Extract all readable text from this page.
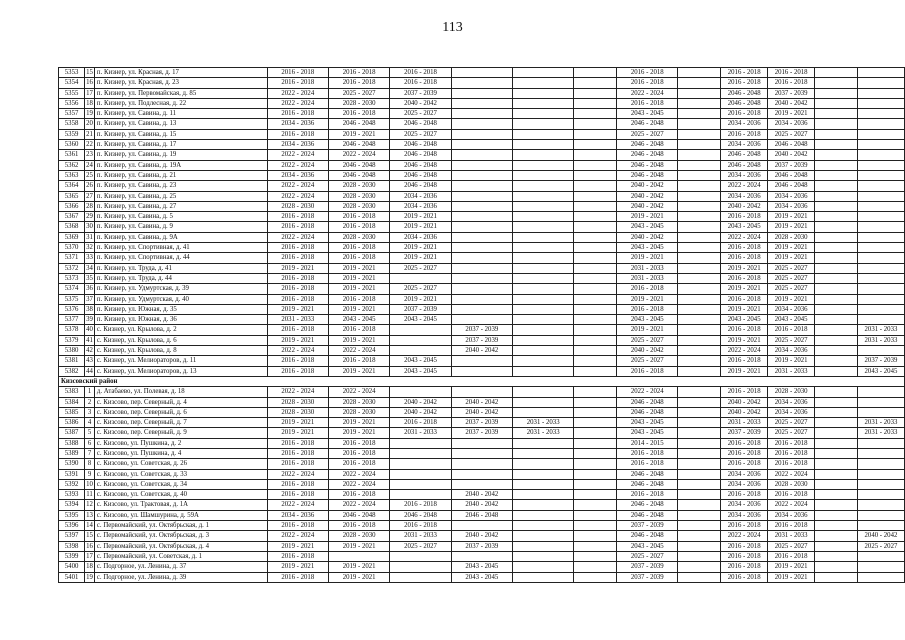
113
5353	15	п. Кизнер, ул. Красная, д. 17	2016 - 2018	2016 - 2018	2016 - 2018				2016 - 2018		2016 - 2018	2016 - 2018		
5354	16	п. Кизнер, ул. Красная, д. 23	2016 - 2018	2016 - 2018	2016 - 2018				2016 - 2018		2016 - 2018	2016 - 2018		
5355	17	п. Кизнер, ул. Первомайская, д. 85	2022 - 2024	2025 - 2027	2037 - 2039				2022 - 2024		2046 - 2048	2037 - 2039		
5356	18	п. Кизнер, ул. Подлесная, д. 22	2022 - 2024	2028 - 2030	2040 - 2042				2016 - 2018		2046 - 2048	2040 - 2042		
5357	19	п. Кизнер, ул. Савина, д. 11	2016 - 2018	2016 - 2018	2025 - 2027				2043 - 2045		2016 - 2018	2019 - 2021		
5358	20	п. Кизнер, ул. Савина, д. 13	2034 - 2036	2046 - 2048	2046 - 2048				2046 - 2048		2034 - 2036	2034 - 2036		
5359	21	п. Кизнер, ул. Савина, д. 15	2016 - 2018	2019 - 2021	2025 - 2027				2025 - 2027		2016 - 2018	2025 - 2027		
5360	22	п. Кизнер, ул. Савина, д. 17	2034 - 2036	2046 - 2048	2046 - 2048				2046 - 2048		2034 - 2036	2046 - 2048		
5361	23	п. Кизнер, ул. Савина, д. 19	2022 - 2024	2022 - 2024	2046 - 2048				2046 - 2048		2046 - 2048	2040 - 2042		
5362	24	п. Кизнер, ул. Савина, д. 19А	2022 - 2024	2046 - 2048	2046 - 2048				2046 - 2048		2046 - 2048	2037 - 2039		
5363	25	п. Кизнер, ул. Савина, д. 21	2034 - 2036	2046 - 2048	2046 - 2048				2046 - 2048		2034 - 2036	2046 - 2048		
5364	26	п. Кизнер, ул. Савина, д. 23	2022 - 2024	2028 - 2030	2046 - 2048				2040 - 2042		2022 - 2024	2046 - 2048		
5365	27	п. Кизнер, ул. Савина, д. 25	2022 - 2024	2028 - 2030	2034 - 2036				2040 - 2042		2034 - 2036	2034 - 2036		
5366	28	п. Кизнер, ул. Савина, д. 27	2028 - 2030	2028 - 2030	2034 - 2036				2040 - 2042		2040 - 2042	2034 - 2036		
5367	29	п. Кизнер, ул. Савина, д. 5	2016 - 2018	2016 - 2018	2019 - 2021				2019 - 2021		2016 - 2018	2019 - 2021		
5368	30	п. Кизнер, ул. Савина, д. 9	2016 - 2018	2016 - 2018	2019 - 2021				2043 - 2045		2043 - 2045	2019 - 2021		
5369	31	п. Кизнер, ул. Савина, д. 9А	2022 - 2024	2028 - 2030	2034 - 2036				2040 - 2042		2022 - 2024	2028 - 2030		
5370	32	п. Кизнер, ул. Спортивная, д. 41	2016 - 2018	2016 - 2018	2019 - 2021				2043 - 2045		2016 - 2018	2019 - 2021		
5371	33	п. Кизнер, ул. Спортивная, д. 44	2016 - 2018	2016 - 2018	2019 - 2021				2019 - 2021		2016 - 2018	2019 - 2021		
5372	34	п. Кизнер, ул. Труда, д. 41	2019 - 2021	2019 - 2021	2025 - 2027				2031 - 2033		2019 - 2021	2025 - 2027		
5373	35	п. Кизнер, ул. Труда, д. 44	2016 - 2018	2019 - 2021					2031 - 2033		2016 - 2018	2025 - 2027		
5374	36	п. Кизнер, ул. Удмуртская, д. 39	2016 - 2018	2019 - 2021	2025 - 2027				2016 - 2018		2019 - 2021	2025 - 2027		
5375	37	п. Кизнер, ул. Удмуртская, д. 40	2016 - 2018	2016 - 2018	2019 - 2021				2019 - 2021		2016 - 2018	2019 - 2021		
5376	38	п. Кизнер, ул. Южная, д. 35	2019 - 2021	2019 - 2021	2037 - 2039				2016 - 2018		2019 - 2021	2034 - 2036		
5377	39	п. Кизнер, ул. Южная, д. 36	2031 - 2033	2043 - 2045	2043 - 2045				2043 - 2045		2043 - 2045	2043 - 2045		
5378	40	с. Кизнер, ул. Крылова, д. 2	2016 - 2018	2016 - 2018		2037 - 2039			2019 - 2021		2016 - 2018	2016 - 2018		2031 - 2033
5379	41	с. Кизнер, ул. Крылова, д. 6	2019 - 2021	2019 - 2021		2037 - 2039			2025 - 2027		2019 - 2021	2025 - 2027		2031 - 2033
5380	42	с. Кизнер, ул. Крылова, д. 8	2022 - 2024	2022 - 2024		2040 - 2042			2040 - 2042		2022 - 2024	2034 - 2036		
5381	43	с. Кизнер, ул. Мелиораторов, д. 11	2016 - 2018	2016 - 2018	2043 - 2045				2025 - 2027		2016 - 2018	2019 - 2021		2037 - 2039
5382	44	с. Кизнер, ул. Мелиораторов, д. 13	2016 - 2018	2019 - 2021	2043 - 2045				2016 - 2018		2019 - 2021	2031 - 2033		2043 - 2045
Кизсовский район														
5383	1	д. Атабаево, ул. Полевая, д. 18	2022 - 2024	2022 - 2024					2022 - 2024		2016 - 2018	2028 - 2030		
5384	2	с. Кизсово, пер. Северный, д. 4	2028 - 2030	2028 - 2030	2040 - 2042	2040 - 2042			2046 - 2048		2040 - 2042	2034 - 2036		
5385	3	с. Кизсово, пер. Северный, д. 6	2028 - 2030	2028 - 2030	2040 - 2042	2040 - 2042			2046 - 2048		2040 - 2042	2034 - 2036		
5386	4	с. Кизсово, пер. Северный, д. 7	2019 - 2021	2019 - 2021	2016 - 2018	2037 - 2039	2031 - 2033		2043 - 2045		2031 - 2033	2025 - 2027		2031 - 2033
5387	5	с. Кизсово, пер. Северный, д. 9	2019 - 2021	2019 - 2021	2031 - 2033	2037 - 2039	2031 - 2033		2043 - 2045		2037 - 2039	2025 - 2027		2031 - 2033
5388	6	с. Кизсово, ул. Пушкина, д. 2	2016 - 2018	2016 - 2018					2014 - 2015		2016 - 2018	2016 - 2018		
5389	7	с. Кизсово, ул. Пушкина, д. 4	2016 - 2018	2016 - 2018					2016 - 2018		2016 - 2018	2016 - 2018		
5390	8	с. Кизсово, ул. Советская, д. 26	2016 - 2018	2016 - 2018					2016 - 2018		2016 - 2018	2016 - 2018		
5391	9	с. Кизсово, ул. Советская, д. 33	2022 - 2024	2022 - 2024					2046 - 2048		2034 - 2036	2022 - 2024		
5392	10	с. Кизсово, ул. Советская, д. 34	2016 - 2018	2022 - 2024					2046 - 2048		2034 - 2036	2028 - 2030		
5393	11	с. Кизсово, ул. Советская, д. 40	2016 - 2018	2016 - 2018		2040 - 2042			2016 - 2018		2016 - 2018	2016 - 2018		
5394	12	с. Кизсово, ул. Трактовая, д. 1А	2022 - 2024	2022 - 2024	2016 - 2018	2040 - 2042			2046 - 2048		2034 - 2036	2022 - 2024		
5395	13	с. Кизсово, ул. Шамшурина, д. 59А	2034 - 2036	2046 - 2048	2046 - 2048	2046 - 2048			2046 - 2048		2034 - 2036	2034 - 2036		
5396	14	с. Первомайский, ул. Октябрьская, д. 1	2016 - 2018	2016 - 2018	2016 - 2018				2037 - 2039		2016 - 2018	2016 - 2018		
5397	15	с. Первомайский, ул. Октябрьская, д. 3	2022 - 2024	2028 - 2030	2031 - 2033	2040 - 2042			2046 - 2048		2022 - 2024	2031 - 2033		2040 - 2042
5398	16	с. Первомайский, ул. Октябрьская, д. 4	2019 - 2021	2019 - 2021	2025 - 2027	2037 - 2039			2043 - 2045		2016 - 2018	2025 - 2027		2025 - 2027
5399	17	с. Первомайский, ул. Советская, д. 1	2016 - 2018						2025 - 2027		2016 - 2018	2016 - 2018		
5400	18	с. Подгорное, ул. Ленина, д. 37	2019 - 2021	2019 - 2021		2043 - 2045			2037 - 2039		2016 - 2018	2019 - 2021		
5401	19	с. Подгорное, ул. Ленина, д. 39	2016 - 2018	2019 - 2021		2043 - 2045			2037 - 2039		2016 - 2018	2019 - 2021		
